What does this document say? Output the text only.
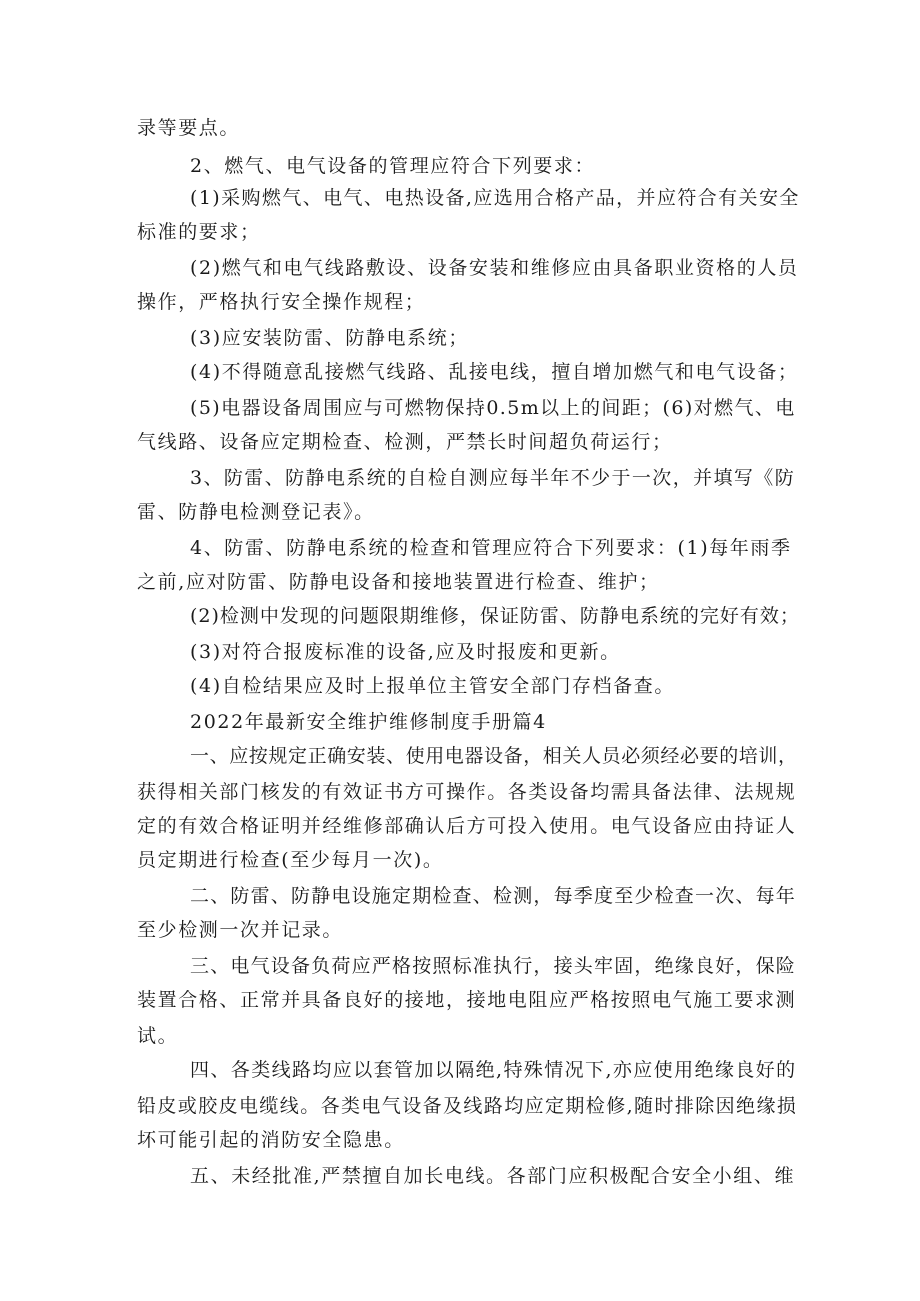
录等要点。
2、燃气、电气设备的管理应符合下列要求：
(1)采购燃气、电气、电热设备,应选用合格产品，并应符合有关安全
标准的要求；
(2)燃气和电气线路敷设、设备安装和维修应由具备职业资格的人员
操作，严格执行安全操作规程；
(3)应安装防雷、防静电系统；
(4)不得随意乱接燃气线路、乱接电线，擅自增加燃气和电气设备；
(5)电器设备周围应与可燃物保持0.5m以上的间距；(6)对燃气、电
气线路、设备应定期检查、检测，严禁长时间超负荷运行；
3、防雷、防静电系统的自检自测应每半年不少于一次，并填写《防
雷、防静电检测登记表》。
4、防雷、防静电系统的检查和管理应符合下列要求：(1)每年雨季
之前,应对防雷、防静电设备和接地装置进行检查、维护；
(2)检测中发现的问题限期维修，保证防雷、防静电系统的完好有效；
(3)对符合报废标准的设备,应及时报废和更新。
(4)自检结果应及时上报单位主管安全部门存档备查。
2022年最新安全维护维修制度手册篇4
一、应按规定正确安装、使用电器设备，相关人员必须经必要的培训，
获得相关部门核发的有效证书方可操作。各类设备均需具备法律、法规规
定的有效合格证明并经维修部确认后方可投入使用。电气设备应由持证人
员定期进行检查(至少每月一次)。
二、防雷、防静电设施定期检查、检测，每季度至少检查一次、每年
至少检测一次并记录。
三、电气设备负荷应严格按照标准执行，接头牢固，绝缘良好，保险
装置合格、正常并具备良好的接地，接地电阻应严格按照电气施工要求测
试。
四、各类线路均应以套管加以隔绝,特殊情况下,亦应使用绝缘良好的
铅皮或胶皮电缆线。各类电气设备及线路均应定期检修,随时排除因绝缘损
坏可能引起的消防安全隐患。
五、未经批准,严禁擅自加长电线。各部门应积极配合安全小组、维
